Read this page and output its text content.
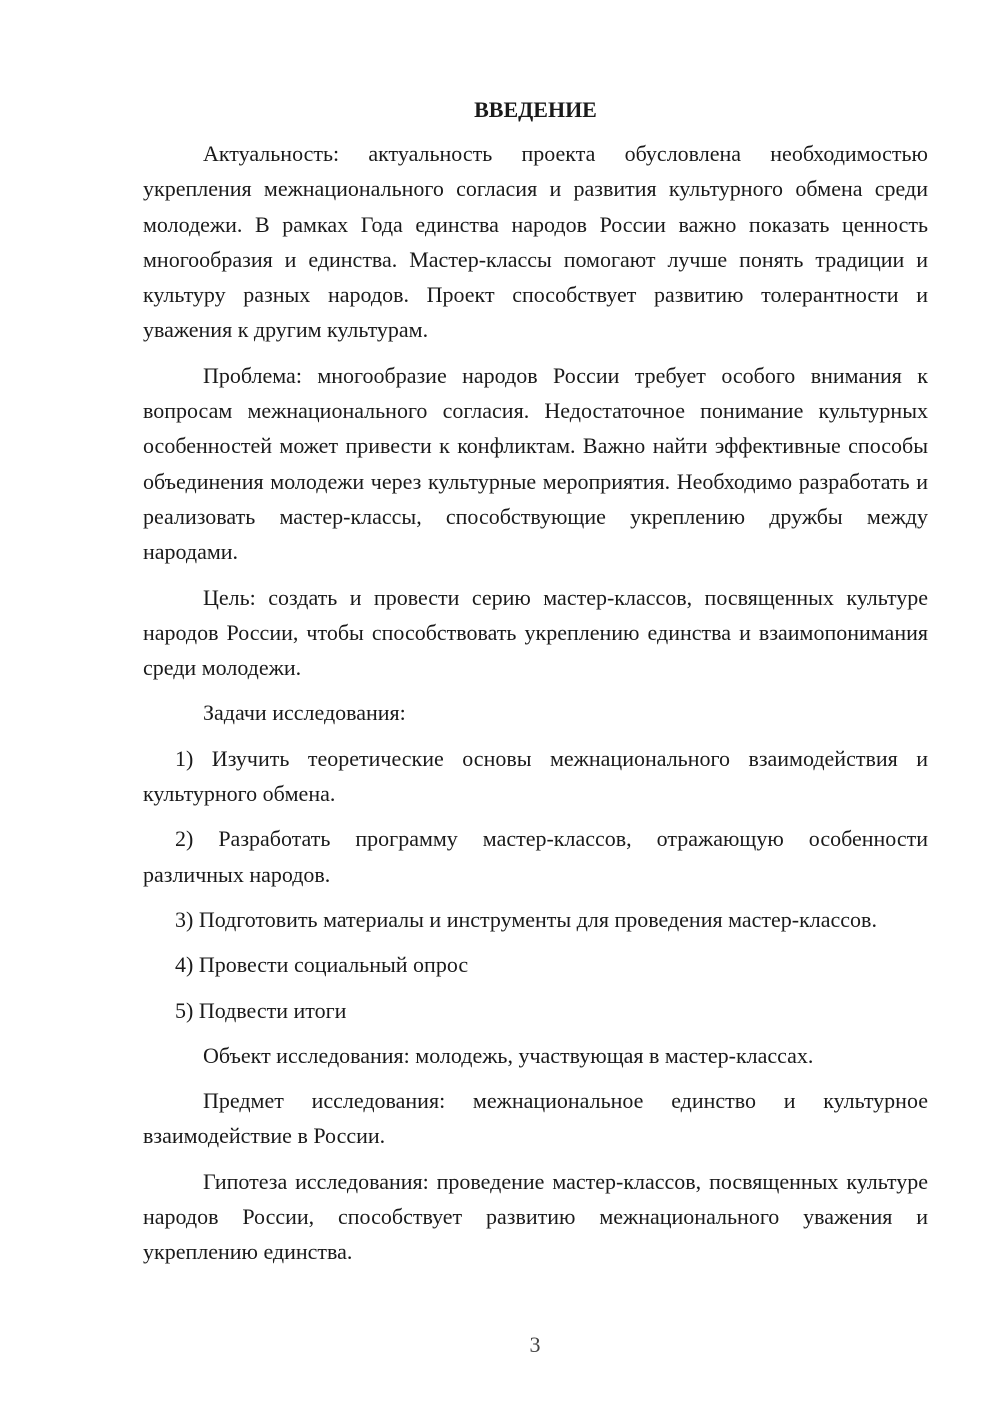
ВВЕДЕНИЕ

Актуальность: актуальность проекта обусловлена необходимостью укрепления межнационального согласия и развития культурного обмена среди молодежи. В рамках Года единства народов России важно показать ценность многообразия и единства. Мастер-классы помогают лучше понять традиции и культуру разных народов. Проект способствует развитию толерантности и уважения к другим культурам.

Проблема: многообразие народов России требует особого внимания к вопросам межнационального согласия. Недостаточное понимание культурных особенностей может привести к конфликтам. Важно найти эффективные способы объединения молодежи через культурные мероприятия. Необходимо разработать и реализовать мастер-классы, способствующие укреплению дружбы между народами.

Цель: создать и провести серию мастер-классов, посвященных культуре народов России, чтобы способствовать укреплению единства и взаимопонимания среди молодежи.

Задачи исследования:

1) Изучить теоретические основы межнационального взаимодействия и культурного обмена.

2) Разработать программу мастер-классов, отражающую особенности различных народов.

3) Подготовить материалы и инструменты для проведения мастер-классов.

4) Провести социальный опрос

5) Подвести итоги

Объект исследования: молодежь, участвующая в мастер-классах.

Предмет исследования: межнациональное единство и культурное взаимодействие в России.

Гипотеза исследования: проведение мастер-классов, посвященных культуре народов России, способствует развитию межнационального уважения и укреплению единства.

3
